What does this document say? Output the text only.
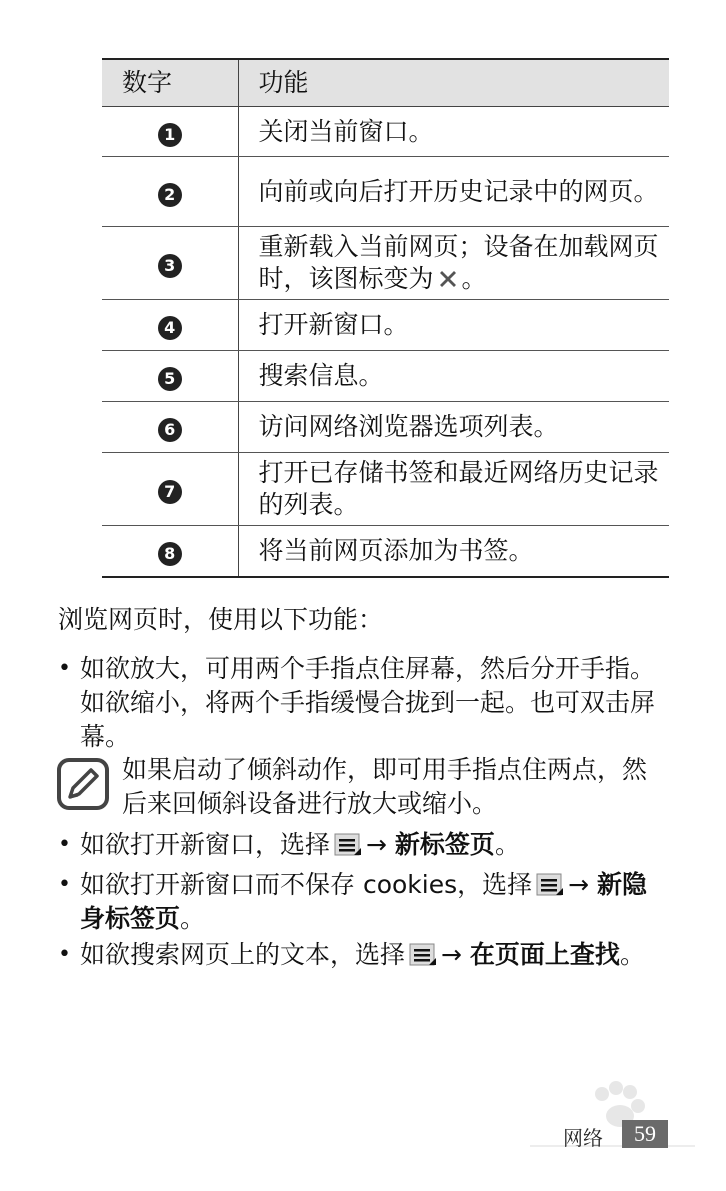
数字	功能
1	关闭当前窗口。
2	向前或向后打开历史记录中的网页。
3	重新载入当前网页；设备在加载网页时，该图标变为 。
4	打开新窗口。
5	搜索信息。
6	访问网络浏览器选项列表。
7	打开已存储书签和最近网络历史记录的列表。
8	将当前网页添加为书签。
浏览网页时，使用以下功能：

• 如欲放大，可用两个手指点住屏幕，然后分开手指。如欲缩小，将两个手指缓慢合拢到一起。也可双击屏幕。

如果启动了倾斜动作，即可用手指点住两点，然后来回倾斜设备进行放大或缩小。

• 如欲打开新窗口，选择 → 新标签页。

• 如欲打开新窗口而不保存 cookies，选择 → 新隐身标签页。

• 如欲搜索网页上的文本，选择 → 在页面上查找。

网络	59
